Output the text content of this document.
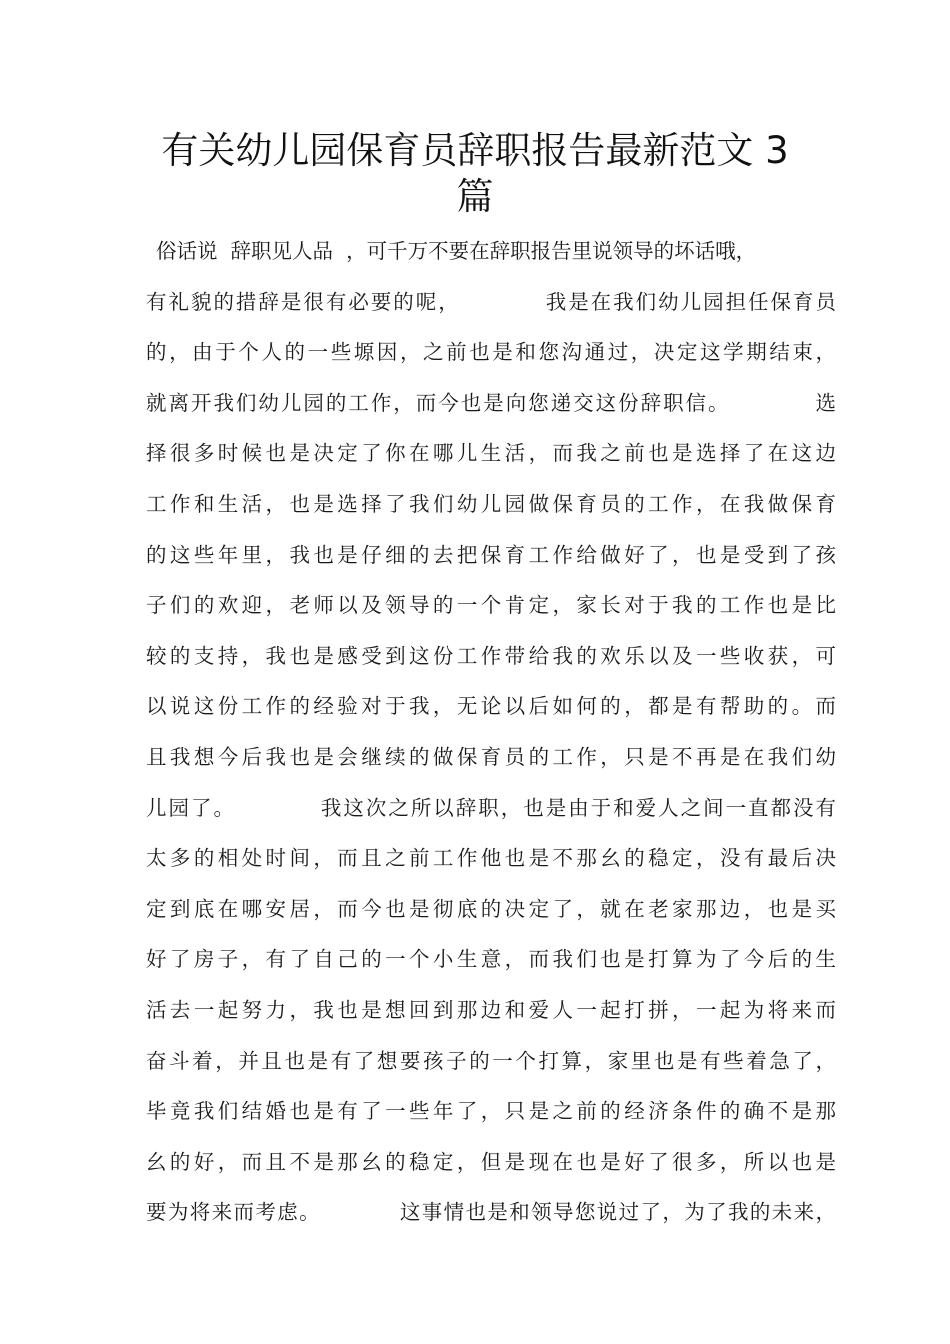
有关幼儿园保育员辞职报告最新范文 3
篇
俗话说  辞职见人品  ，可千万不要在辞职报告里说领导的坏话哦，
有礼貌的措辞是很有必要的呢，          我是在我们幼儿园担任保育员
的，由于个人的一些塬因，之前也是和您沟通过，决定这学期结束，
就离开我们幼儿园的工作，而今也是向您递交这份辞职信。          选
择很多时候也是决定了你在哪儿生活，而我之前也是选择了在这边
工作和生活，也是选择了我们幼儿园做保育员的工作，在我做保育
的这些年里，我也是仔细的去把保育工作给做好了，也是受到了孩
子们的欢迎，老师以及领导的一个肯定，家长对于我的工作也是比
较的支持，我也是感受到这份工作带给我的欢乐以及一些收获，可
以说这份工作的经验对于我，无论以后如何的，都是有帮助的。而
且我想今后我也是会继续的做保育员的工作，只是不再是在我们幼
儿园了。          我这次之所以辞职，也是由于和爱人之间一直都没有
太多的相处时间，而且之前工作他也是不那幺的稳定，没有最后决
定到底在哪安居，而今也是彻底的决定了，就在老家那边，也是买
好了房子，有了自己的一个小生意，而我们也是打算为了今后的生
活去一起努力，我也是想回到那边和爱人一起打拼，一起为将来而
奋斗着，并且也是有了想要孩子的一个打算，家里也是有些着急了，
毕竟我们结婚也是有了一些年了，只是之前的经济条件的确不是那
幺的好，而且不是那幺的稳定，但是现在也是好了很多，所以也是
要为将来而考虑。          这事情也是和领导您说过了，为了我的未来，
